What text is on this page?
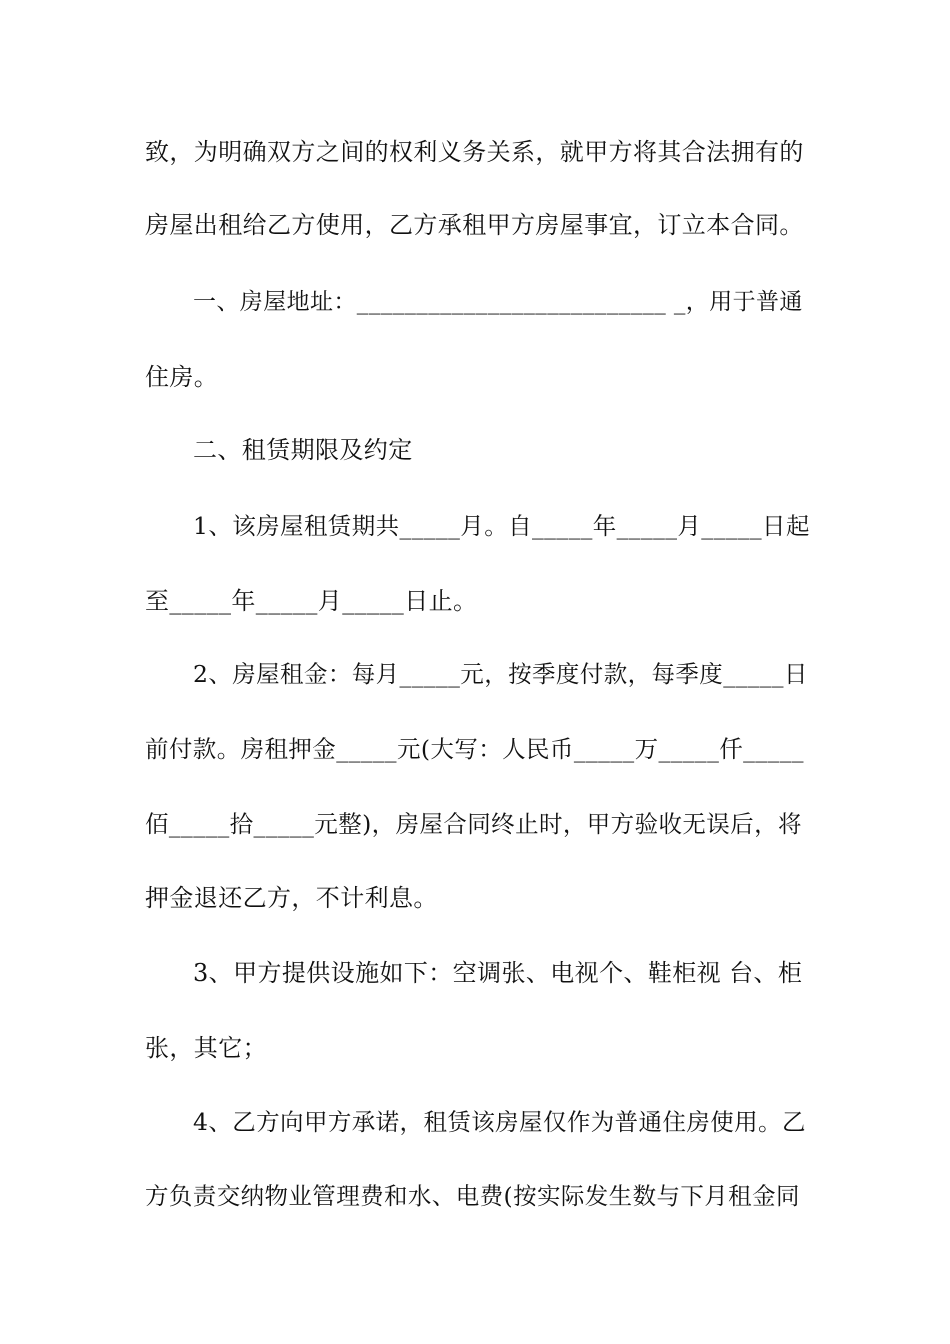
致，为明确双方之间的权利义务关系，就甲方将其合法拥有的
房屋出租给乙方使用，乙方承租甲方房屋事宜，订立本合同。
一、房屋地址：__________________________ _，用于普通
住房。
二、租赁期限及约定
1、该房屋租赁期共_____月。自_____年_____月_____日起
至_____年_____月_____日止。
2、房屋租金：每月_____元，按季度付款，每季度_____日
前付款。房租押金_____元(大写：人民币_____万_____仟_____
佰_____拾_____元整)，房屋合同终止时，甲方验收无误后，将
押金退还乙方，不计利息。
3、甲方提供设施如下：空调张、电视个、鞋柜视 台、柜
张，其它；
4、乙方向甲方承诺，租赁该房屋仅作为普通住房使用。乙
方负责交纳物业管理费和水、电费(按实际发生数与下月租金同
